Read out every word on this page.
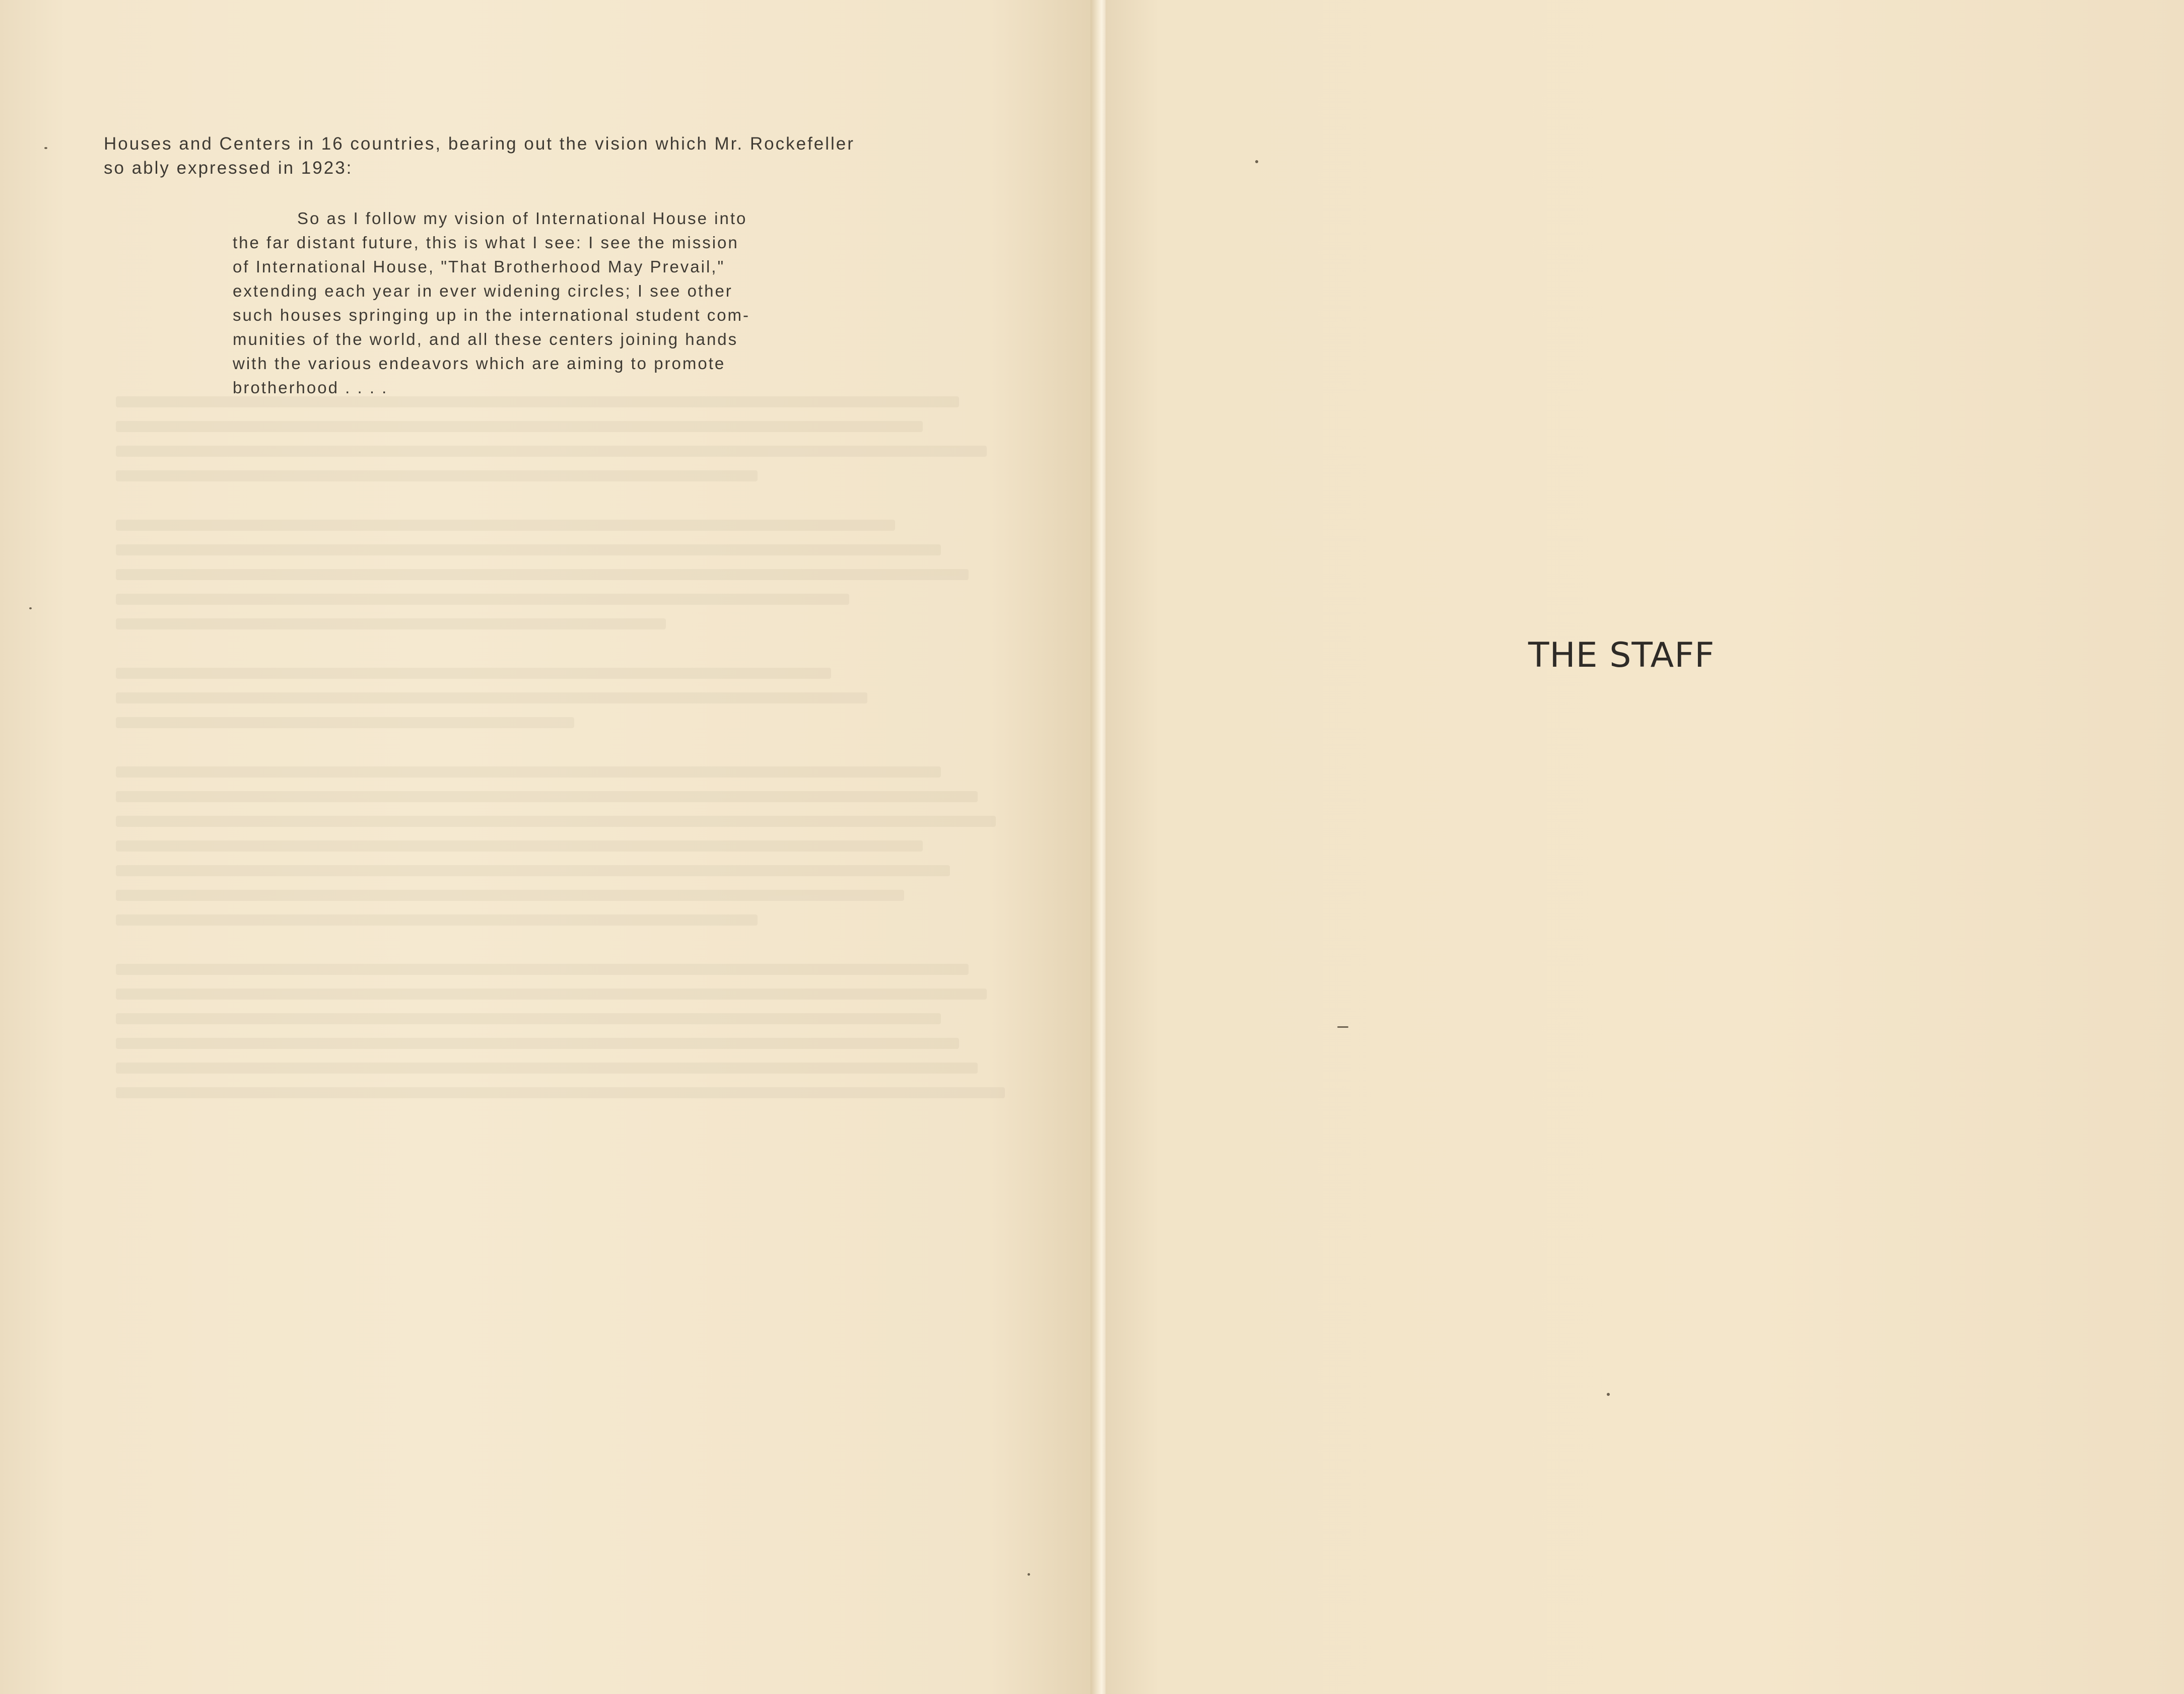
Houses and Centers in 16 countries, bearing out the vision which Mr. Rockefeller

so ably expressed in 1923:

So as I follow my vision of International House into
the far distant future, this is what I see: I see the mission
of International House, "That Brotherhood May Prevail,"
extending each year in ever widening circles; I see other
such houses springing up in the international student com-
munities of the world, and all these centers joining hands
with the various endeavors which are aiming to promote
brotherhood . . . .
THE STAFF
